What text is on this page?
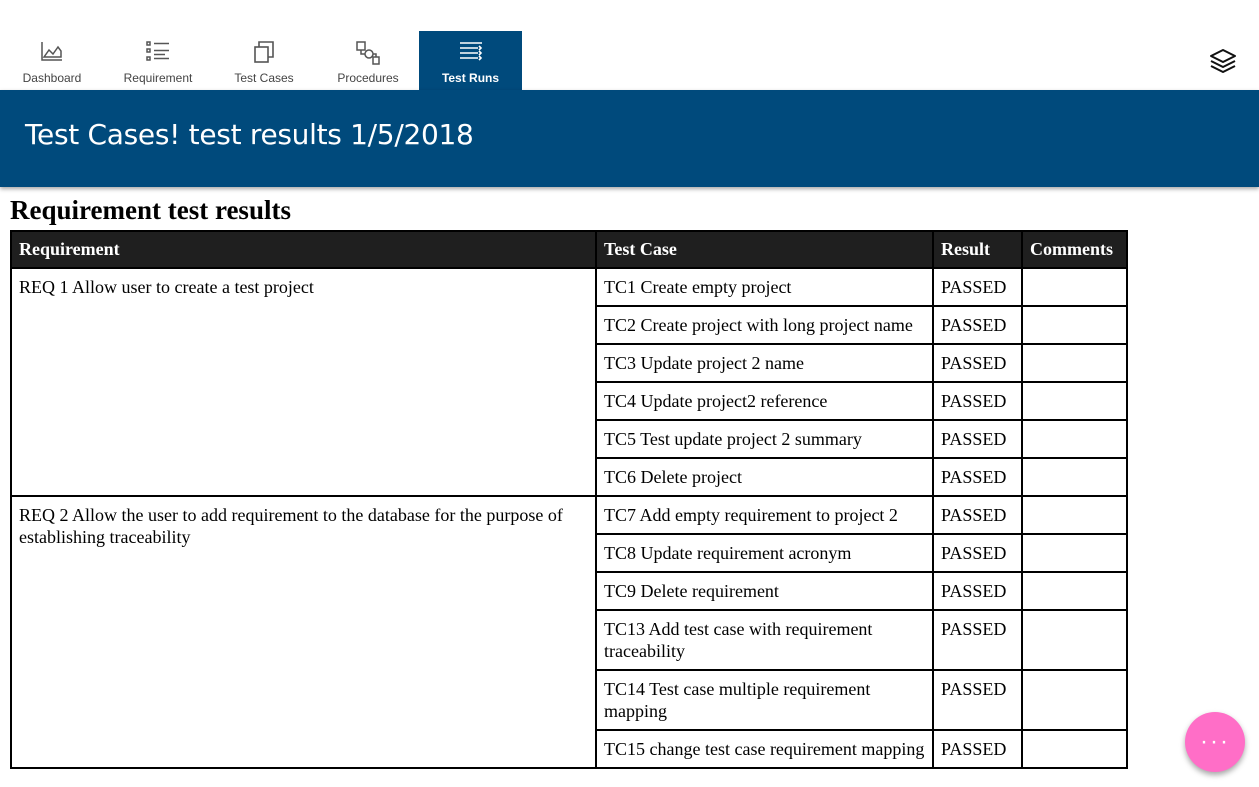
Dashboard	Requirement	Test Cases	Procedures	Test Runs
Test Cases! test results 1/5/2018
Requirement test results
Requirement	Test Case	Result	Comments
REQ 1 Allow user to create a test project	TC1 Create empty project	PASSED	
	TC2 Create project with long project name	PASSED	
	TC3 Update project 2 name	PASSED	
	TC4 Update project2 reference	PASSED	
	TC5 Test update project 2 summary	PASSED	
	TC6 Delete project	PASSED	
REQ 2 Allow the user to add requirement to the database for the purpose of establishing traceability	TC7 Add empty requirement to project 2	PASSED	
	TC8 Update requirement acronym	PASSED	
	TC9 Delete requirement	PASSED	
	TC13 Add test case with requirement traceability	PASSED	
	TC14 Test case multiple requirement mapping	PASSED	
	TC15 change test case requirement mapping	PASSED		···
